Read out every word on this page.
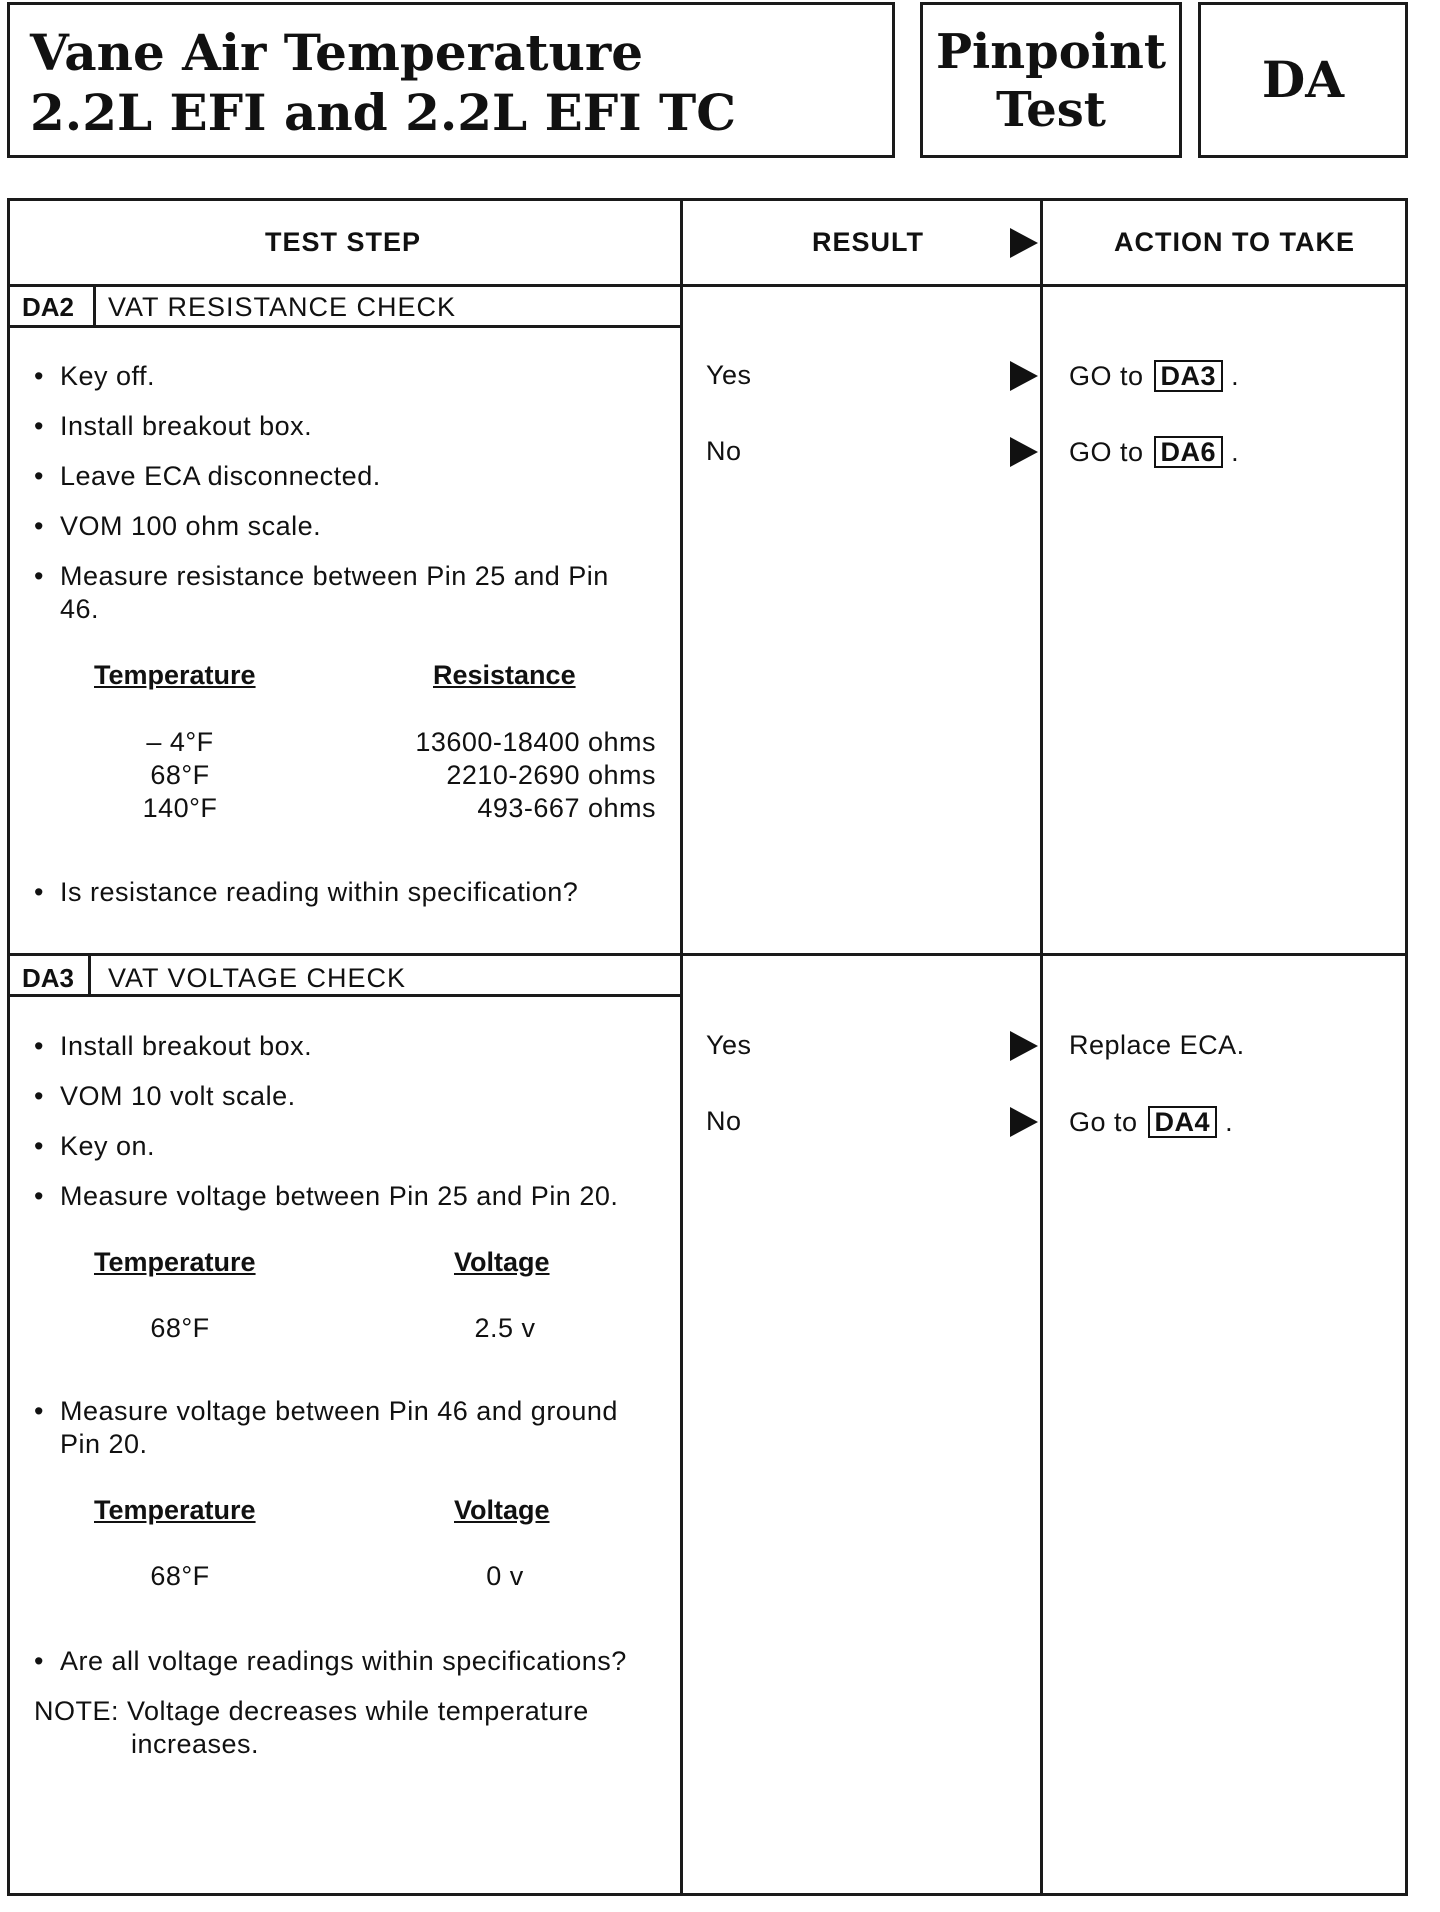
Vane Air Temperature
2.2L EFI and 2.2L EFI TC
Pinpoint
Test
DA
TEST STEP	RESULT	ACTION TO TAKE
DA2 VAT RESISTANCE CHECK
• Key off.
• Install breakout box.
• Leave ECA disconnected.
• VOM 100 ohm scale.
• Measure resistance between Pin 25 and Pin
46.
Temperature	Resistance
– 4°F	13600-18400 ohms
68°F	2210-2690 ohms
140°F	493-667 ohms
• Is resistance reading within specification?
Yes	GO to DA3 .
No	GO to DA6 .
DA3 VAT VOLTAGE CHECK
• Install breakout box.
• VOM 10 volt scale.
• Key on.
• Measure voltage between Pin 25 and Pin 20.
Temperature	Voltage
68°F	2.5 v
• Measure voltage between Pin 46 and ground
Pin 20.
Temperature	Voltage
68°F	0 v
• Are all voltage readings within specifications?
NOTE: Voltage decreases while temperature
increases.
Yes	Replace ECA.
No	Go to DA4 .
